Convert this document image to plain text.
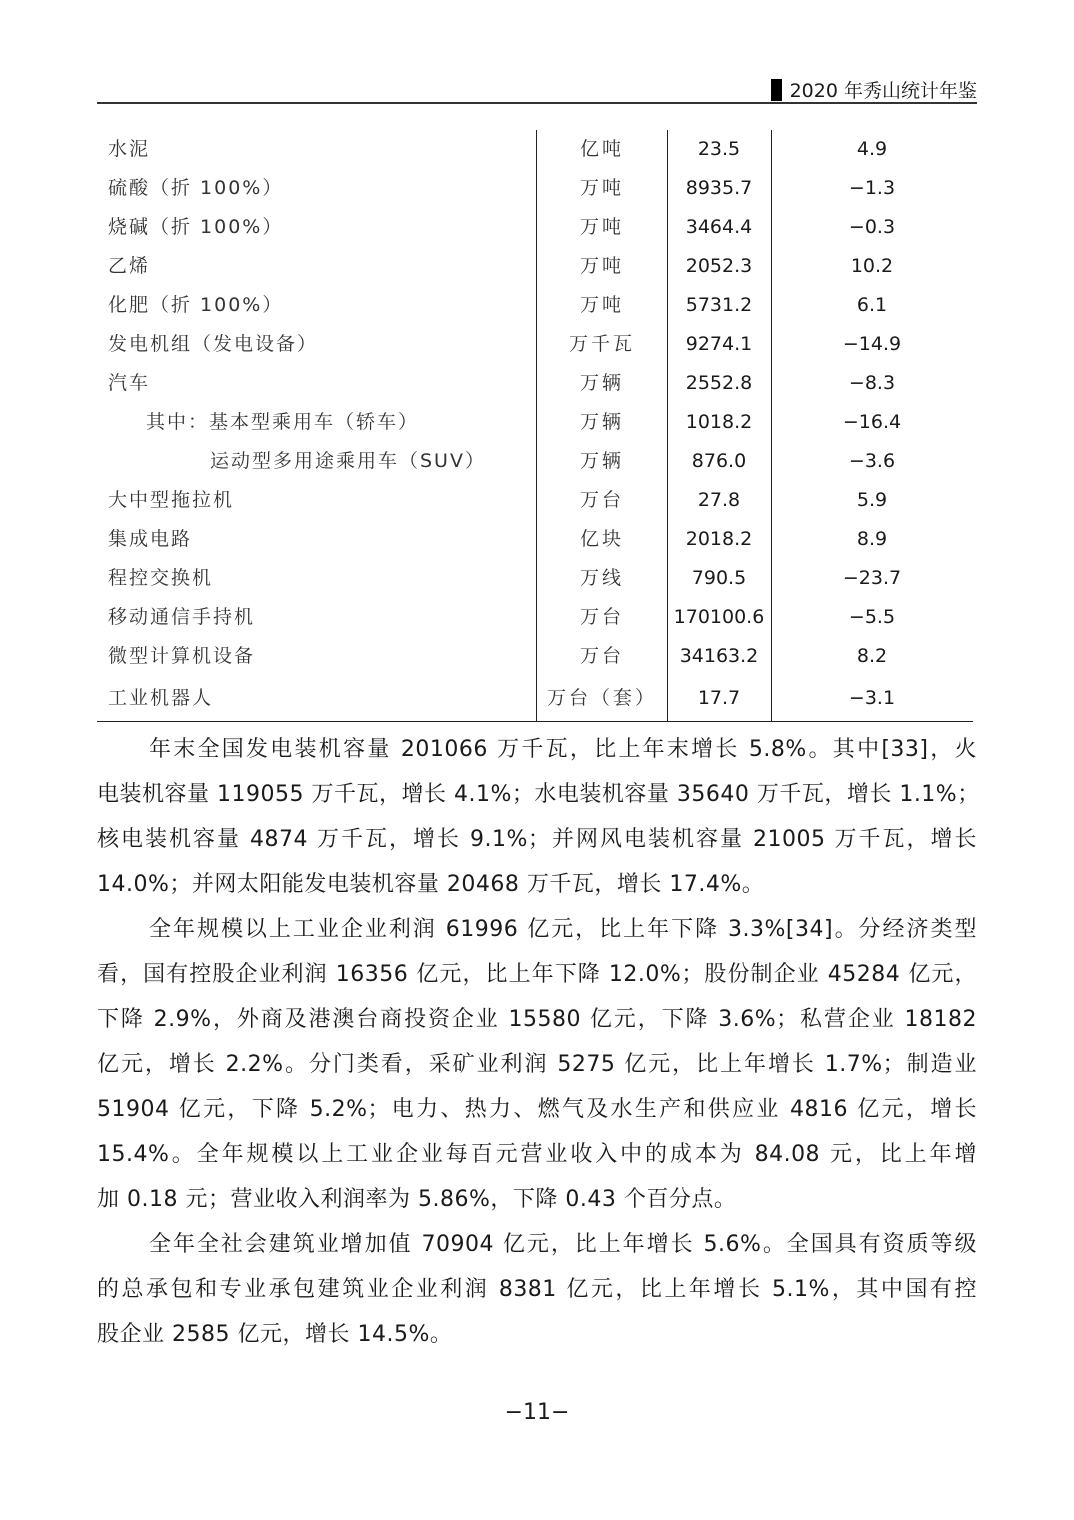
2020 年秀山统计年鉴
水泥	亿吨	23.5	4.9
硫酸（折 100%）	万吨	8935.7	−1.3
烧碱（折 100%）	万吨	3464.4	−0.3
乙烯	万吨	2052.3	10.2
化肥（折 100%）	万吨	5731.2	6.1
发电机组（发电设备）	万千瓦	9274.1	−14.9
汽车	万辆	2552.8	−8.3
其中：基本型乘用车（轿车）	万辆	1018.2	−16.4
运动型多用途乘用车（SUV）	万辆	876.0	−3.6
大中型拖拉机	万台	27.8	5.9
集成电路	亿块	2018.2	8.9
程控交换机	万线	790.5	−23.7
移动通信手持机	万台	170100.6	−5.5
微型计算机设备	万台	34163.2	8.2
工业机器人	万台（套）	17.7	−3.1
年末全国发电装机容量 201066 万千瓦，比上年末增长 5.8%。其中[33]，火
电装机容量 119055 万千瓦，增长 4.1%；水电装机容量 35640 万千瓦，增长 1.1%；
核电装机容量 4874 万千瓦，增长 9.1%；并网风电装机容量 21005 万千瓦，增长
14.0%；并网太阳能发电装机容量 20468 万千瓦，增长 17.4%。
全年规模以上工业企业利润 61996 亿元，比上年下降 3.3%[34]。分经济类型
看，国有控股企业利润 16356 亿元，比上年下降 12.0%；股份制企业 45284 亿元，
下降 2.9%，外商及港澳台商投资企业 15580 亿元，下降 3.6%；私营企业 18182
亿元，增长 2.2%。分门类看，采矿业利润 5275 亿元，比上年增长 1.7%；制造业
51904 亿元，下降 5.2%；电力、热力、燃气及水生产和供应业 4816 亿元，增长
15.4%。全年规模以上工业企业每百元营业收入中的成本为 84.08 元，比上年增
加 0.18 元；营业收入利润率为 5.86%，下降 0.43 个百分点。
全年全社会建筑业增加值 70904 亿元，比上年增长 5.6%。全国具有资质等级
的总承包和专业承包建筑业企业利润 8381 亿元，比上年增长 5.1%，其中国有控
股企业 2585 亿元，增长 14.5%。
−11−
